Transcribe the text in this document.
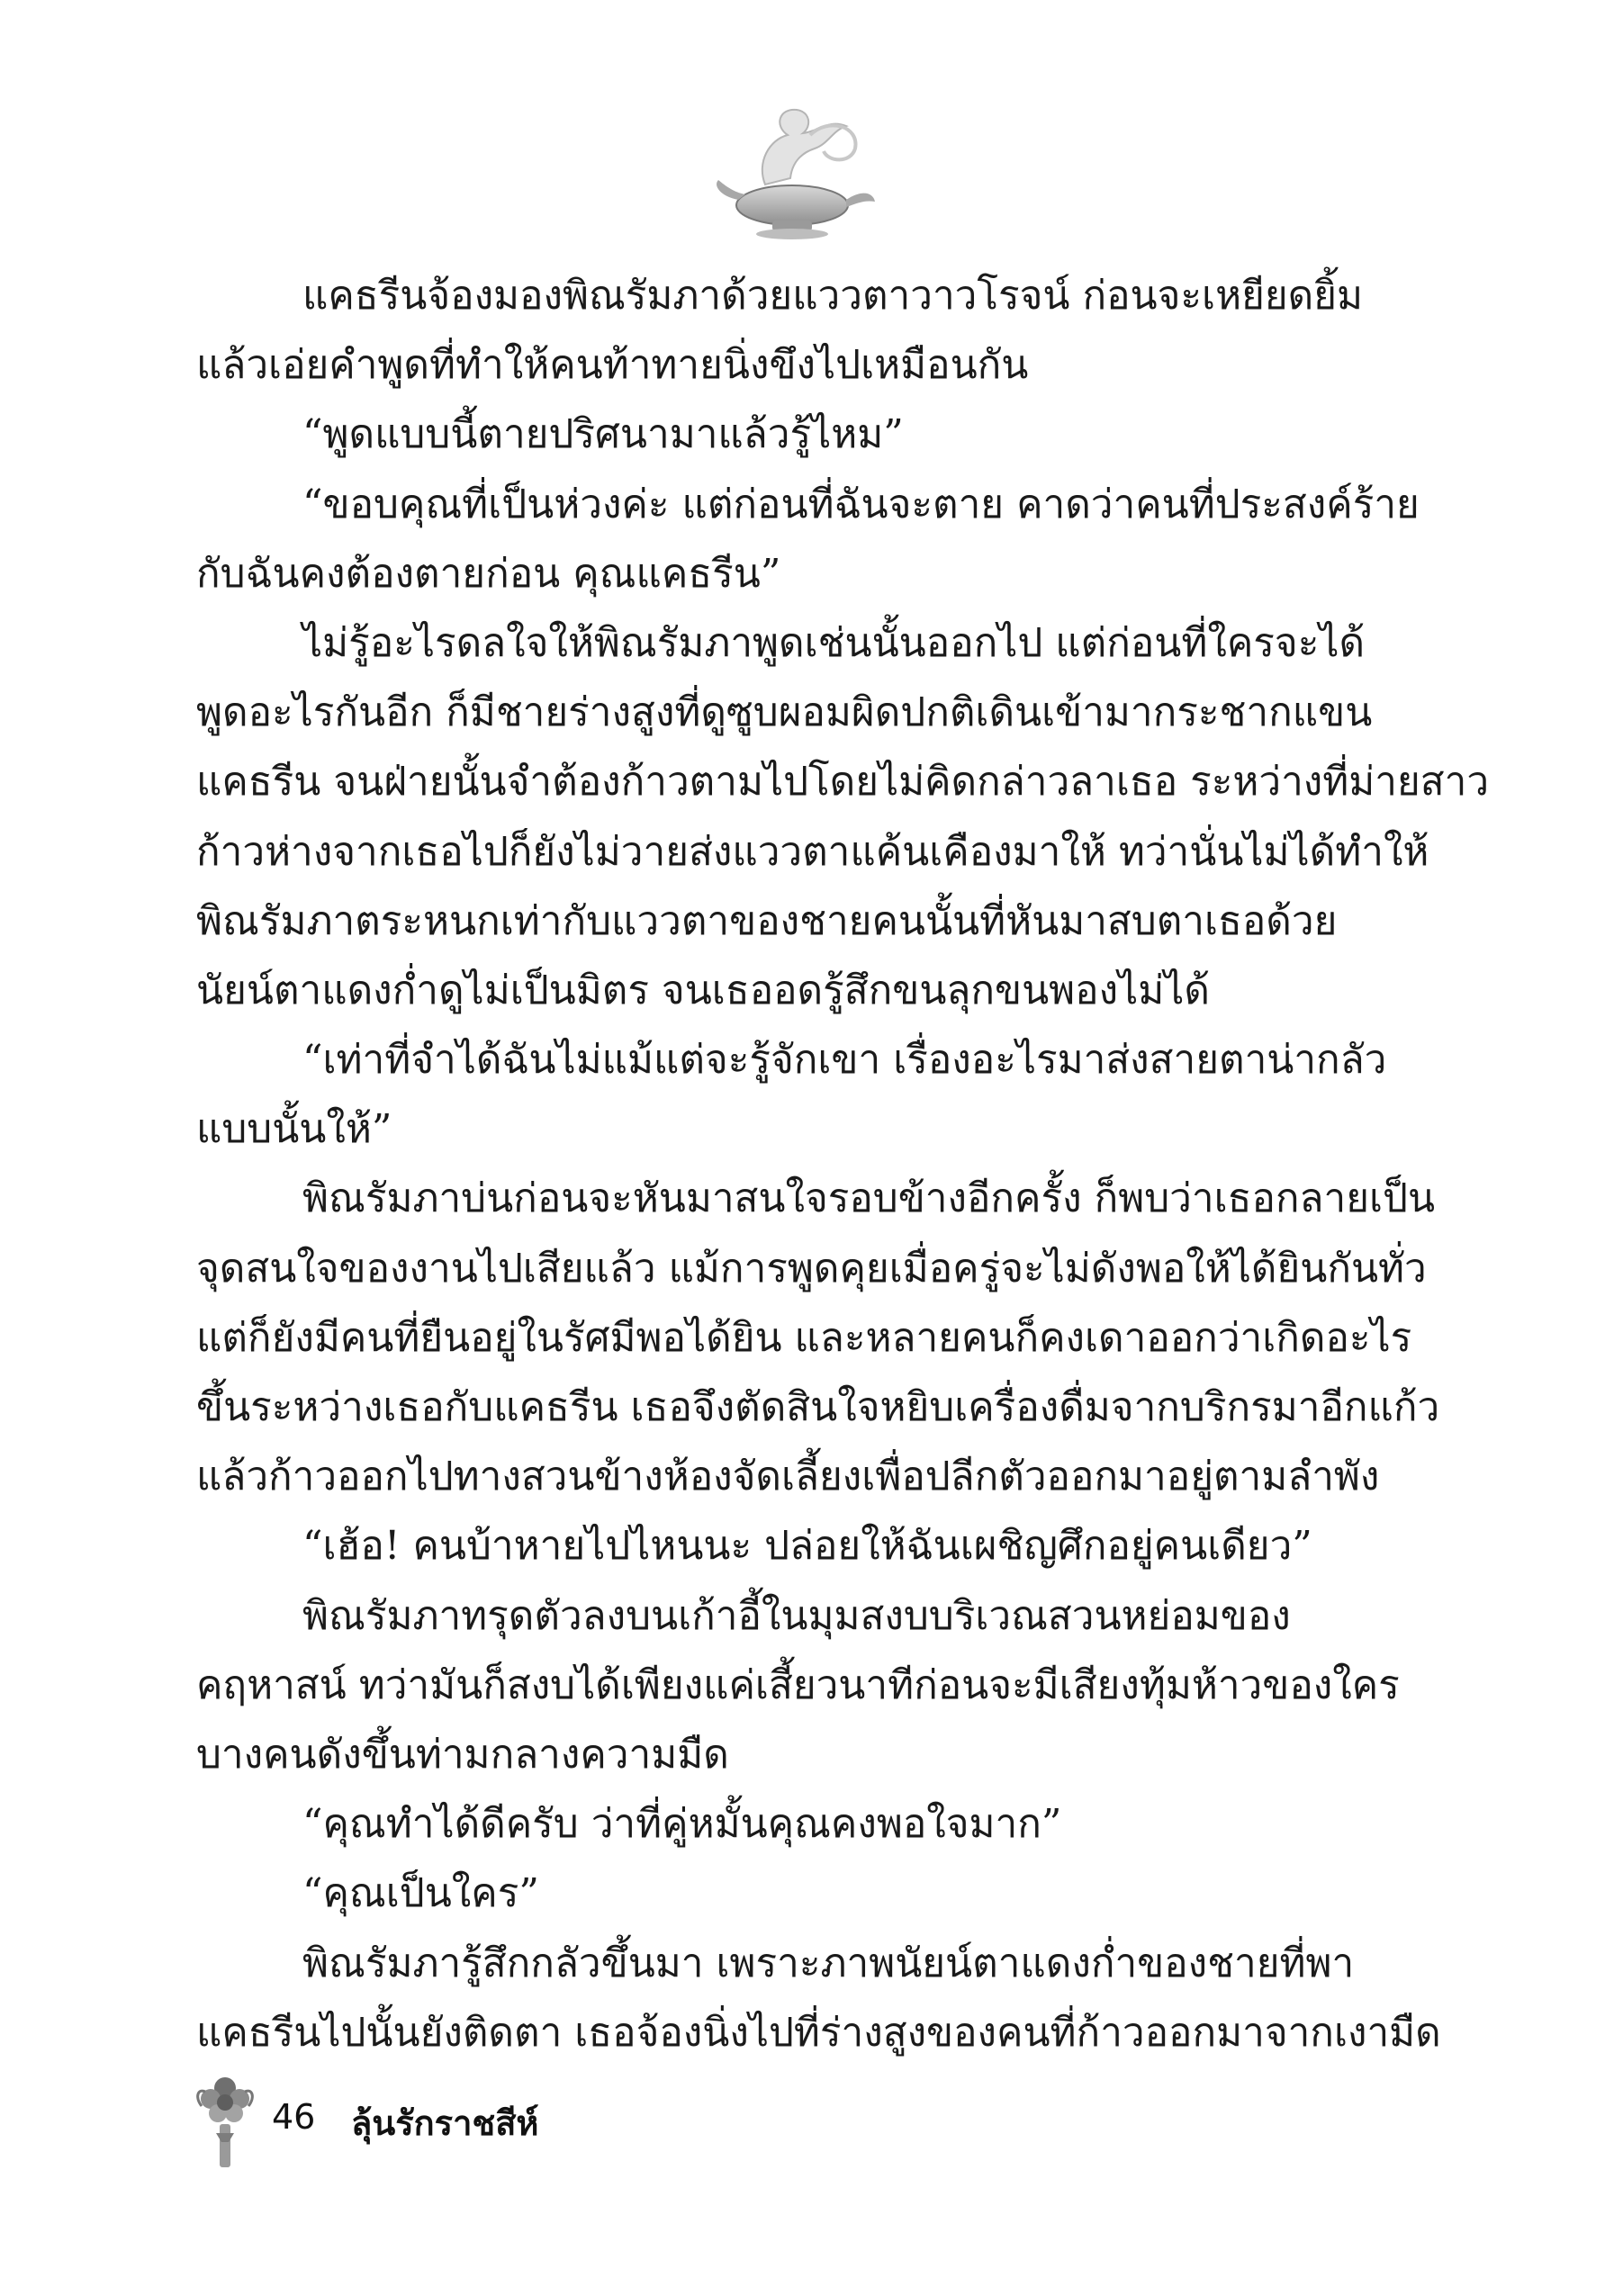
แคธรีนจ้องมองพิณรัมภาด้วยแววตาวาวโรจน์ ก่อนจะเหยียดยิ้ม
แล้วเอ่ยคำพูดที่ทำให้คนท้าทายนิ่งขึงไปเหมือนกัน
“พูดแบบนี้ตายปริศนามาแล้วรู้ไหม”
“ขอบคุณที่เป็นห่วงค่ะ แต่ก่อนที่ฉันจะตาย คาดว่าคนที่ประสงค์ร้าย
กับฉันคงต้องตายก่อน คุณแคธรีน”
ไม่รู้อะไรดลใจให้พิณรัมภาพูดเช่นนั้นออกไป แต่ก่อนที่ใครจะได้
พูดอะไรกันอีก ก็มีชายร่างสูงที่ดูซูบผอมผิดปกติเดินเข้ามากระชากแขน
แคธรีน จนฝ่ายนั้นจำต้องก้าวตามไปโดยไม่คิดกล่าวลาเธอ ระหว่างที่ม่ายสาว
ก้าวห่างจากเธอไปก็ยังไม่วายส่งแววตาแค้นเคืองมาให้ ทว่านั่นไม่ได้ทำให้
พิณรัมภาตระหนกเท่ากับแววตาของชายคนนั้นที่หันมาสบตาเธอด้วย
นัยน์ตาแดงก่ำดูไม่เป็นมิตร จนเธออดรู้สึกขนลุกขนพองไม่ได้
“เท่าที่จำได้ฉันไม่แม้แต่จะรู้จักเขา เรื่องอะไรมาส่งสายตาน่ากลัว
แบบนั้นให้”
พิณรัมภาบ่นก่อนจะหันมาสนใจรอบข้างอีกครั้ง ก็พบว่าเธอกลายเป็น
จุดสนใจของงานไปเสียแล้ว แม้การพูดคุยเมื่อครู่จะไม่ดังพอให้ได้ยินกันทั่ว
แต่ก็ยังมีคนที่ยืนอยู่ในรัศมีพอได้ยิน และหลายคนก็คงเดาออกว่าเกิดอะไร
ขึ้นระหว่างเธอกับแคธรีน เธอจึงตัดสินใจหยิบเครื่องดื่มจากบริกรมาอีกแก้ว
แล้วก้าวออกไปทางสวนข้างห้องจัดเลี้ยงเพื่อปลีกตัวออกมาอยู่ตามลำพัง
“เฮ้อ! คนบ้าหายไปไหนนะ ปล่อยให้ฉันเผชิญศึกอยู่คนเดียว”
พิณรัมภาทรุดตัวลงบนเก้าอี้ในมุมสงบบริเวณสวนหย่อมของ
คฤหาสน์ ทว่ามันก็สงบได้เพียงแค่เสี้ยวนาทีก่อนจะมีเสียงทุ้มห้าวของใคร
บางคนดังขึ้นท่ามกลางความมืด
“คุณทำได้ดีครับ ว่าที่คู่หมั้นคุณคงพอใจมาก”
“คุณเป็นใคร”
พิณรัมภารู้สึกกลัวขึ้นมา เพราะภาพนัยน์ตาแดงก่ำของชายที่พา
แคธรีนไปนั้นยังติดตา เธอจ้องนิ่งไปที่ร่างสูงของคนที่ก้าวออกมาจากเงามืด
46 ลุ้นรักราชสีห์
